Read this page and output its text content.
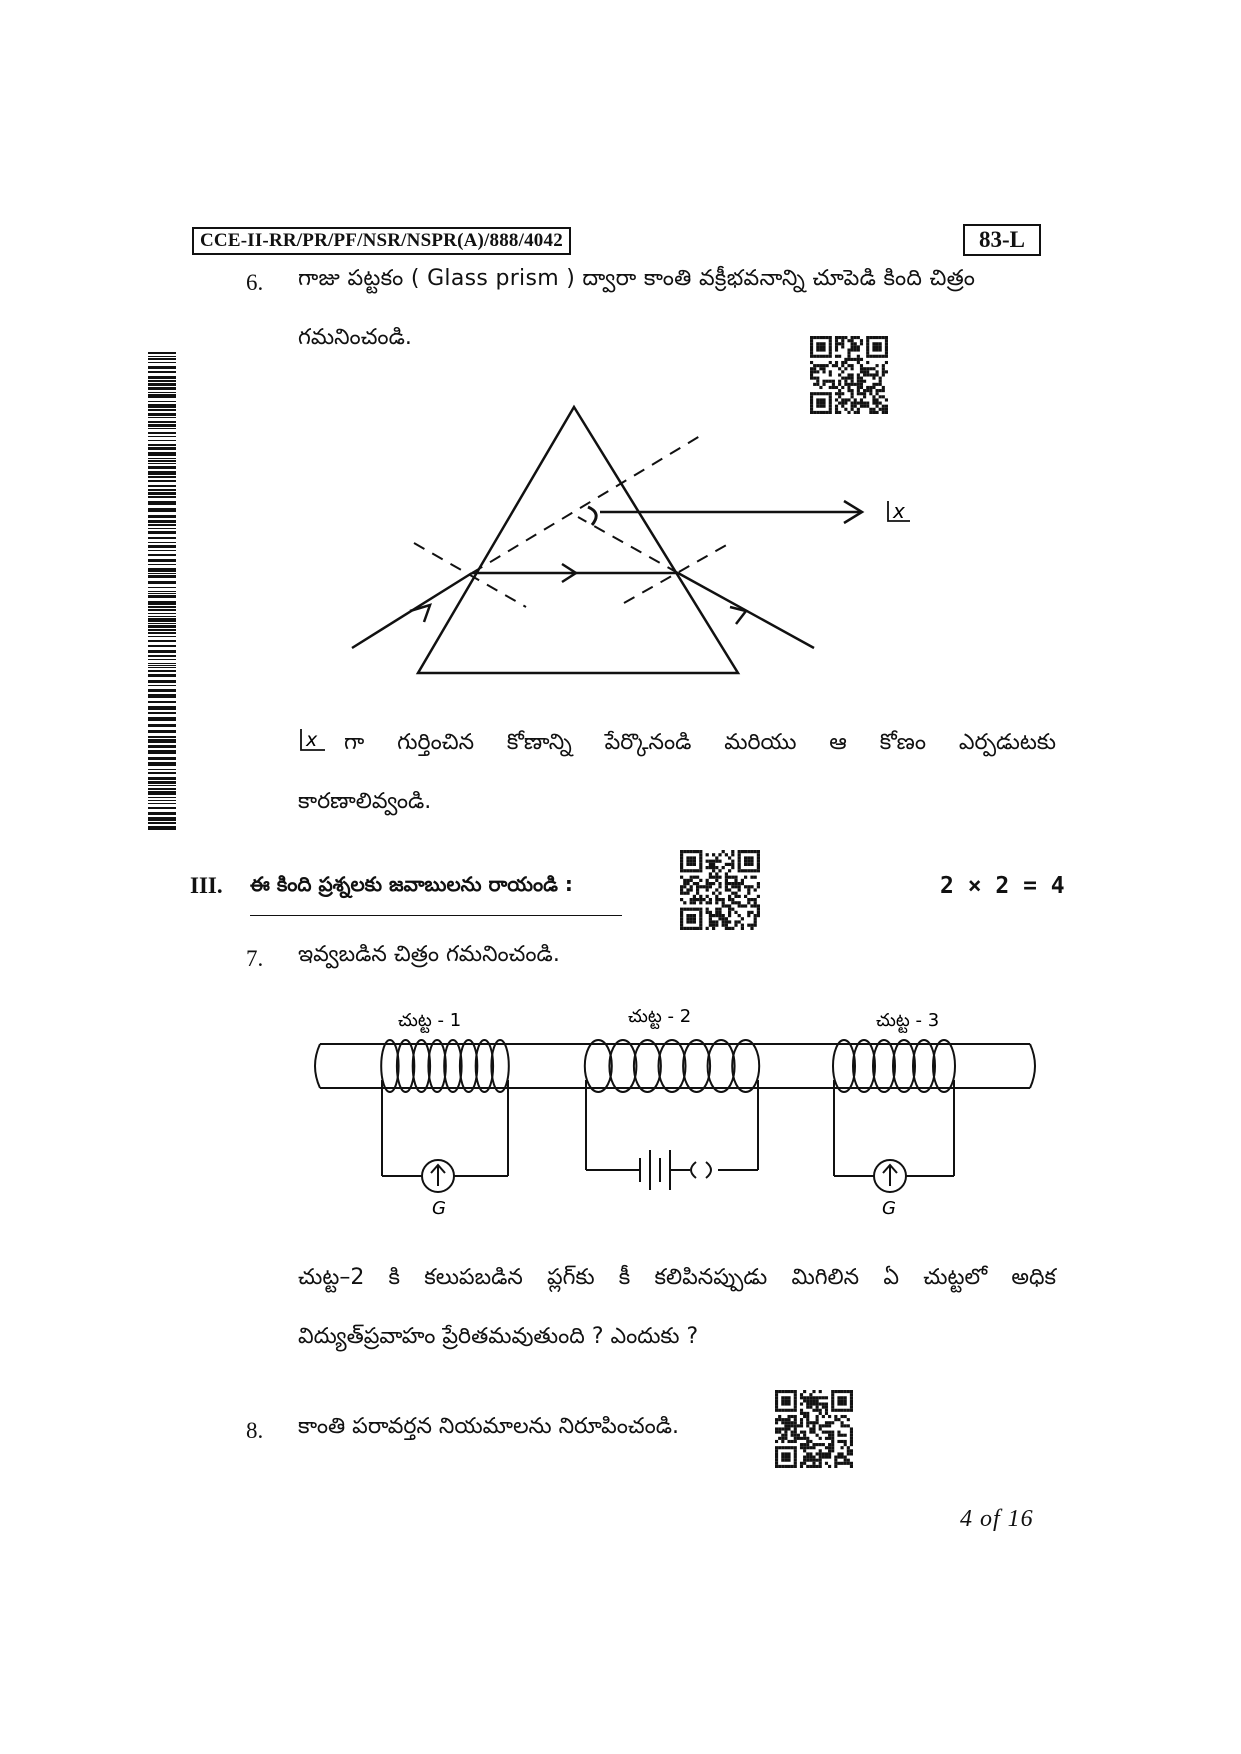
CCE-II-RR/PR/PF/NSR/NSPR(A)/888/4042	83-L
6. గాజు పట్టకం ( Glass prism ) ద్వారా కాంతి వక్రీభవనాన్ని చూపెడి కింది చిత్రం
గమనించండి.
x
x గా గుర్తించిన కోణాన్ని పేర్కొనండి మరియు ఆ కోణం ఎర్పడుటకు
కారణాలివ్వండి.
III. ఈ కింది ప్రశ్నలకు జవాబులను రాయండి :	2 × 2 = 4
7. ఇవ్వబడిన చిత్రం గమనించండి.
చుట్ట - 1	చుట్ట - 2	చుట్ట - 3
G	G
చుట్ట–2 కి కలుపబడిన ప్లగ్‌కు కీ కలిపినప్పుడు మిగిలిన ఏ చుట్టలో అధిక
విద్యుత్‌ప్రవాహం ప్రేరితమవుతుంది ? ఎందుకు ?
8. కాంతి పరావర్తన నియమాలను నిరూపించండి.
4 of 16
